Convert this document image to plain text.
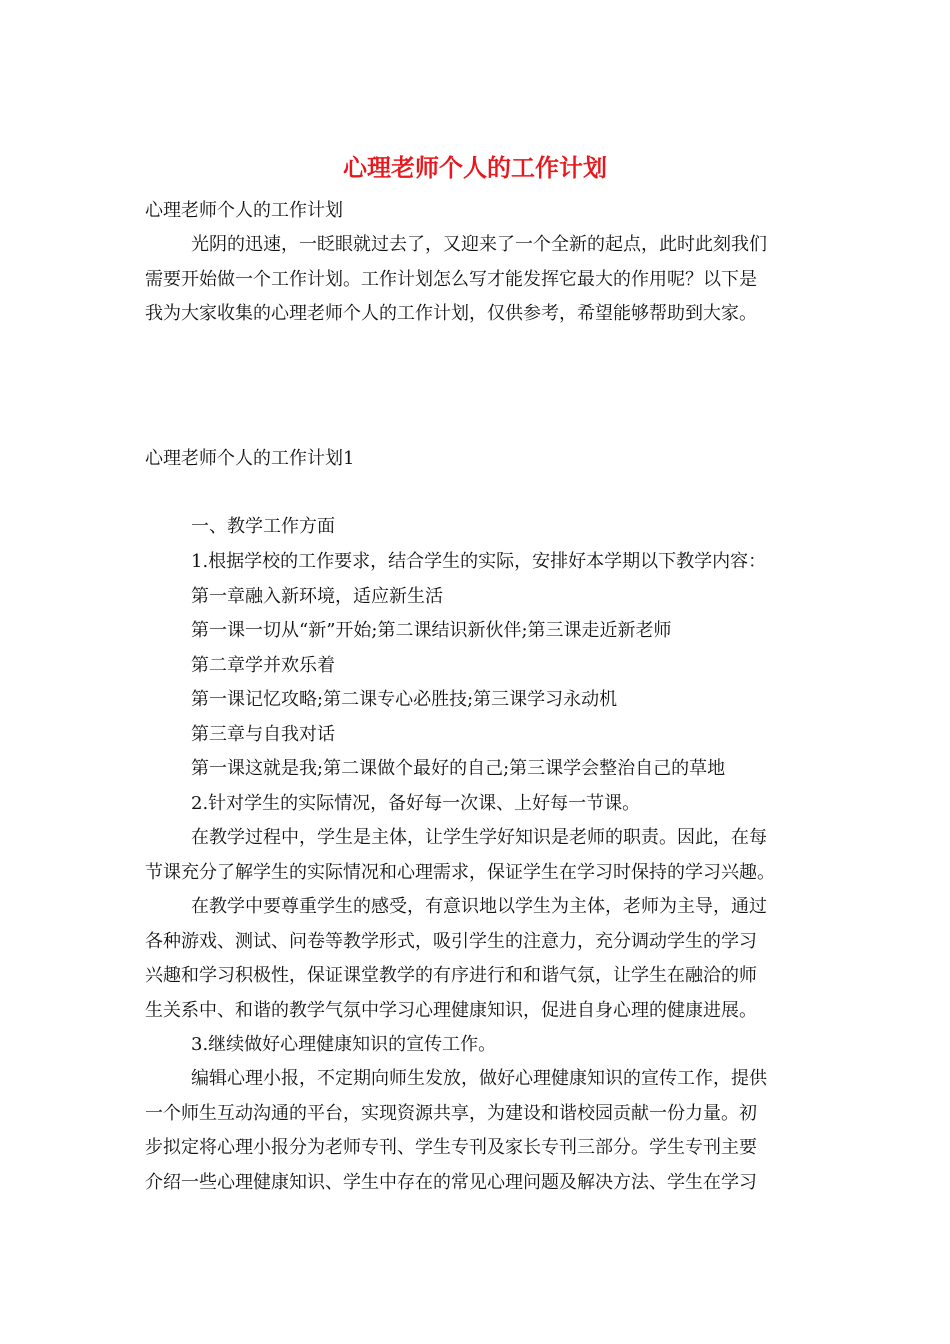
心理老师个人的工作计划

心理老师个人的工作计划

光阴的迅速，一眨眼就过去了，又迎来了一个全新的起点，此时此刻我们
需要开始做一个工作计划。工作计划怎么写才能发挥它最大的作用呢？以下是
我为大家收集的心理老师个人的工作计划，仅供参考，希望能够帮助到大家。

心理老师个人的工作计划1

一、教学工作方面

1.根据学校的工作要求，结合学生的实际，安排好本学期以下教学内容：
第一章融入新环境，适应新生活
第一课一切从“新”开始;第二课结识新伙伴;第三课走近新老师
第二章学并欢乐着
第一课记忆攻略;第二课专心必胜技;第三课学习永动机
第三章与自我对话
第一课这就是我;第二课做个最好的自己;第三课学会整治自己的草地
2.针对学生的实际情况，备好每一次课、上好每一节课。
在教学过程中，学生是主体，让学生学好知识是老师的职责。因此，在每
节课充分了解学生的实际情况和心理需求，保证学生在学习时保持的学习兴趣。
在教学中要尊重学生的感受，有意识地以学生为主体，老师为主导，通过
各种游戏、测试、问卷等教学形式，吸引学生的注意力，充分调动学生的学习
兴趣和学习积极性，保证课堂教学的有序进行和和谐气氛，让学生在融洽的师
生关系中、和谐的教学气氛中学习心理健康知识，促进自身心理的健康进展。

3.继续做好心理健康知识的宣传工作。

编辑心理小报，不定期向师生发放，做好心理健康知识的宣传工作，提供
一个师生互动沟通的平台，实现资源共享，为建设和谐校园贡献一份力量。初
步拟定将心理小报分为老师专刊、学生专刊及家长专刊三部分。学生专刊主要
介绍一些心理健康知识、学生中存在的常见心理问题及解决方法、学生在学习
